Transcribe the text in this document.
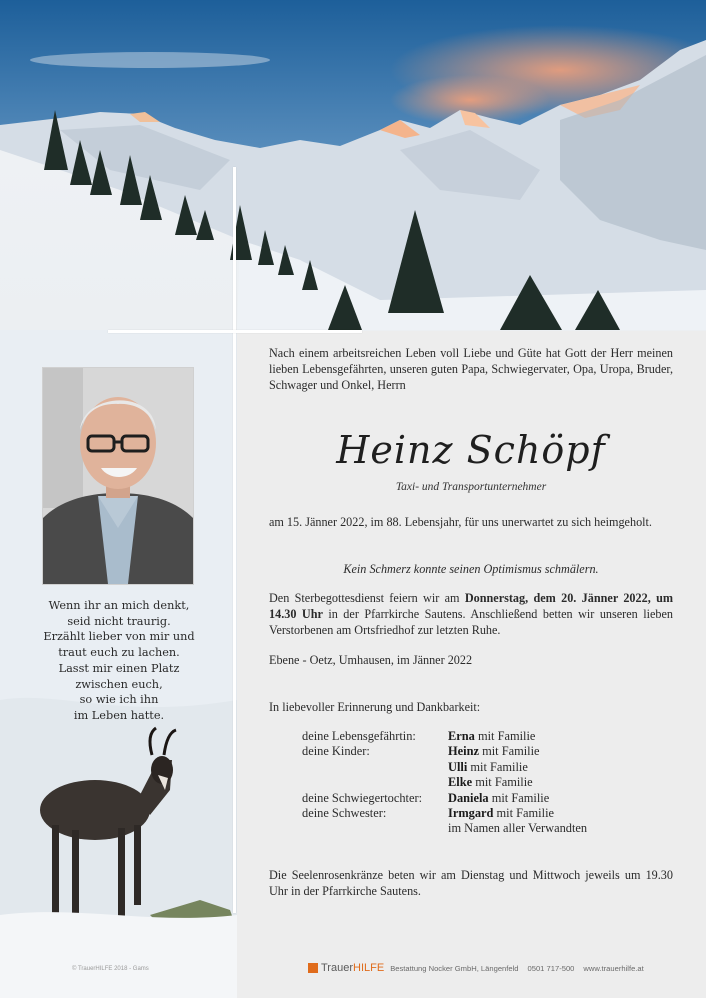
Wenn ihr an mich denkt,
seid nicht traurig.
Erzählt lieber von mir und
traut euch zu lachen.
Lasst mir einen Platz
zwischen euch,
so wie ich ihn
im Leben hatte.
Nach einem arbeitsreichen Leben voll Liebe und Güte hat Gott der Herr meinen lieben Lebensgefährten, unseren guten Papa, Schwiegervater, Opa, Uropa, Bruder, Schwager und Onkel, Herrn
Heinz Schöpf
Taxi- und Transportunternehmer
am 15. Jänner 2022, im 88. Lebensjahr, für uns unerwartet zu sich heimgeholt.
Kein Schmerz konnte seinen Optimismus schmälern.
Den Sterbegottesdienst feiern wir am Donnerstag, dem 20. Jänner 2022, um 14.30 Uhr in der Pfarrkirche Sautens. Anschließend betten wir unseren lieben Verstorbenen am Ortsfriedhof zur letzten Ruhe.
Ebene - Oetz, Umhausen, im Jänner 2022
In liebevoller Erinnerung und Dankbarkeit:
deine Lebensgefährtin:	Erna mit Familie
deine Kinder:	Heinz mit Familie
Ulli mit Familie
Elke mit Familie
deine Schwiegertochter:	Daniela mit Familie
deine Schwester:	Irmgard mit Familie
im Namen aller Verwandten
Die Seelenrosenkränze beten wir am Dienstag und Mittwoch jeweils um 19.30 Uhr in der Pfarrkirche Sautens.
Trauer HILFE Bestattung Nocker GmbH, Längenfeld 0501 717-500 www.trauerhilfe.at
© TrauerHILFE 2018 - Gams
